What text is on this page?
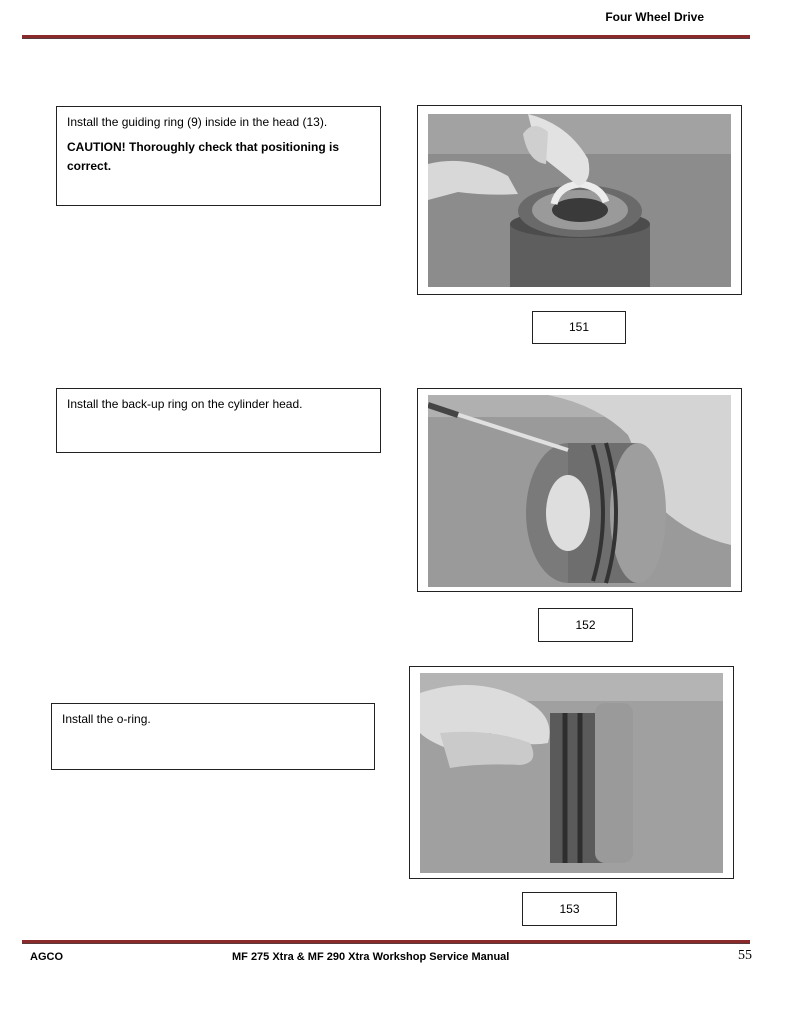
Four Wheel Drive

Install the guiding ring (9) inside in the head (13).

CAUTION! Thoroughly check that positioning is correct.

151

Install the back-up ring on the cylinder head.

152

Install the o-ring.

153
AGCO	MF 275 Xtra & MF 290 Xtra Workshop Service Manual	55
